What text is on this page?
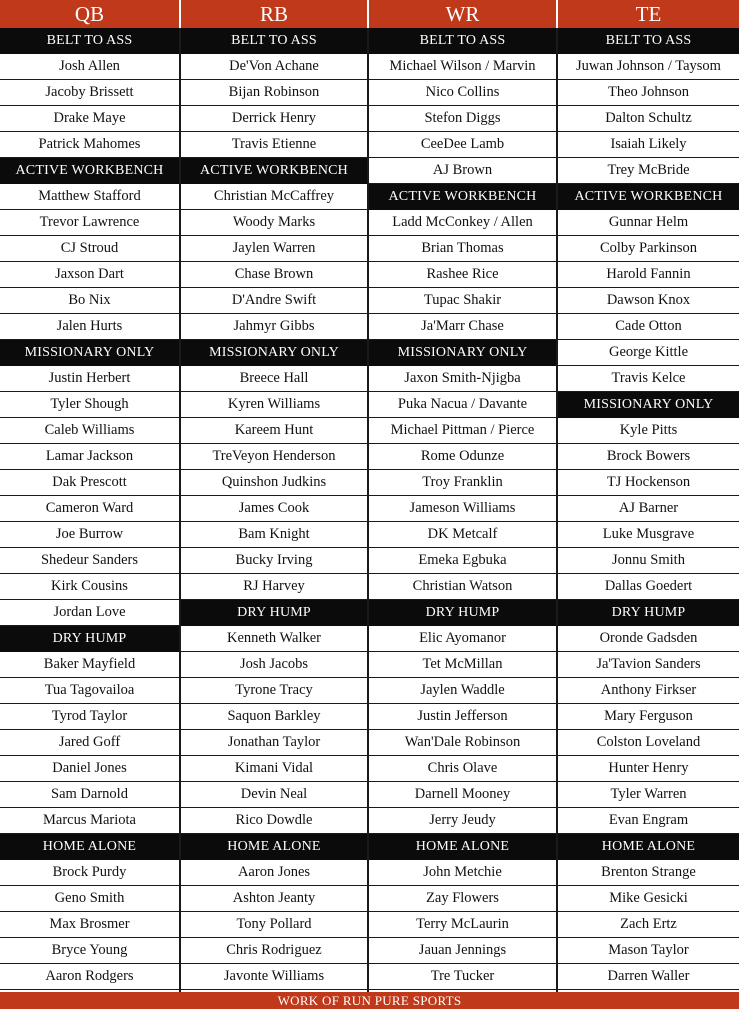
QB
BELT TO ASS
Josh Allen
Jacoby Brissett
Drake Maye
Patrick Mahomes
ACTIVE WORKBENCH
Matthew Stafford
Trevor Lawrence
CJ Stroud
Jaxson Dart
Bo Nix
Jalen Hurts
MISSIONARY ONLY
Justin Herbert
Tyler Shough
Caleb Williams
Lamar Jackson
Dak Prescott
Cameron Ward
Joe Burrow
Shedeur Sanders
Kirk Cousins
Jordan Love
DRY HUMP
Baker Mayfield
Tua Tagovailoa
Tyrod Taylor
Jared Goff
Daniel Jones
Sam Darnold
Marcus Mariota
HOME ALONE
Brock Purdy
Geno Smith
Max Brosmer
Bryce Young
Aaron Rodgers
RB
BELT TO ASS
De'Von Achane
Bijan Robinson
Derrick Henry
Travis Etienne
ACTIVE WORKBENCH
Christian McCaffrey
Woody Marks
Jaylen Warren
Chase Brown
D'Andre Swift
Jahmyr Gibbs
MISSIONARY ONLY
Breece Hall
Kyren Williams
Kareem Hunt
TreVeyon Henderson
Quinshon Judkins
James Cook
Bam Knight
Bucky Irving
RJ Harvey
DRY HUMP
Kenneth Walker
Josh Jacobs
Tyrone Tracy
Saquon Barkley
Jonathan Taylor
Kimani Vidal
Devin Neal
Rico Dowdle
HOME ALONE
Aaron Jones
Ashton Jeanty
Tony Pollard
Chris Rodriguez
Javonte Williams
WR
BELT TO ASS
Michael Wilson / Marvin
Nico Collins
Stefon Diggs
CeeDee Lamb
AJ Brown
ACTIVE WORKBENCH
Ladd McConkey / Allen
Brian Thomas
Rashee Rice
Tupac Shakir
Ja'Marr Chase
MISSIONARY ONLY
Jaxon Smith-Njigba
Puka Nacua / Davante
Michael Pittman / Pierce
Rome Odunze
Troy Franklin
Jameson Williams
DK Metcalf
Emeka Egbuka
Christian Watson
DRY HUMP
Elic Ayomanor
Tet McMillan
Jaylen Waddle
Justin Jefferson
Wan'Dale Robinson
Chris Olave
Darnell Mooney
Jerry Jeudy
HOME ALONE
John Metchie
Zay Flowers
Terry McLaurin
Jauan Jennings
Tre Tucker
TE
BELT TO ASS
Juwan Johnson / Taysom
Theo Johnson
Dalton Schultz
Isaiah Likely
Trey McBride
ACTIVE WORKBENCH
Gunnar Helm
Colby Parkinson
Harold Fannin
Dawson Knox
Cade Otton
George Kittle
Travis Kelce
MISSIONARY ONLY
Kyle Pitts
Brock Bowers
TJ Hockenson
AJ Barner
Luke Musgrave
Jonnu Smith
Dallas Goedert
DRY HUMP
Oronde Gadsden
Ja'Tavion Sanders
Anthony Firkser
Mary Ferguson
Colston Loveland
Hunter Henry
Tyler Warren
Evan Engram
HOME ALONE
Brenton Strange
Mike Gesicki
Zach Ertz
Mason Taylor
Darren Waller
WORK OF RUN PURE SPORTS
